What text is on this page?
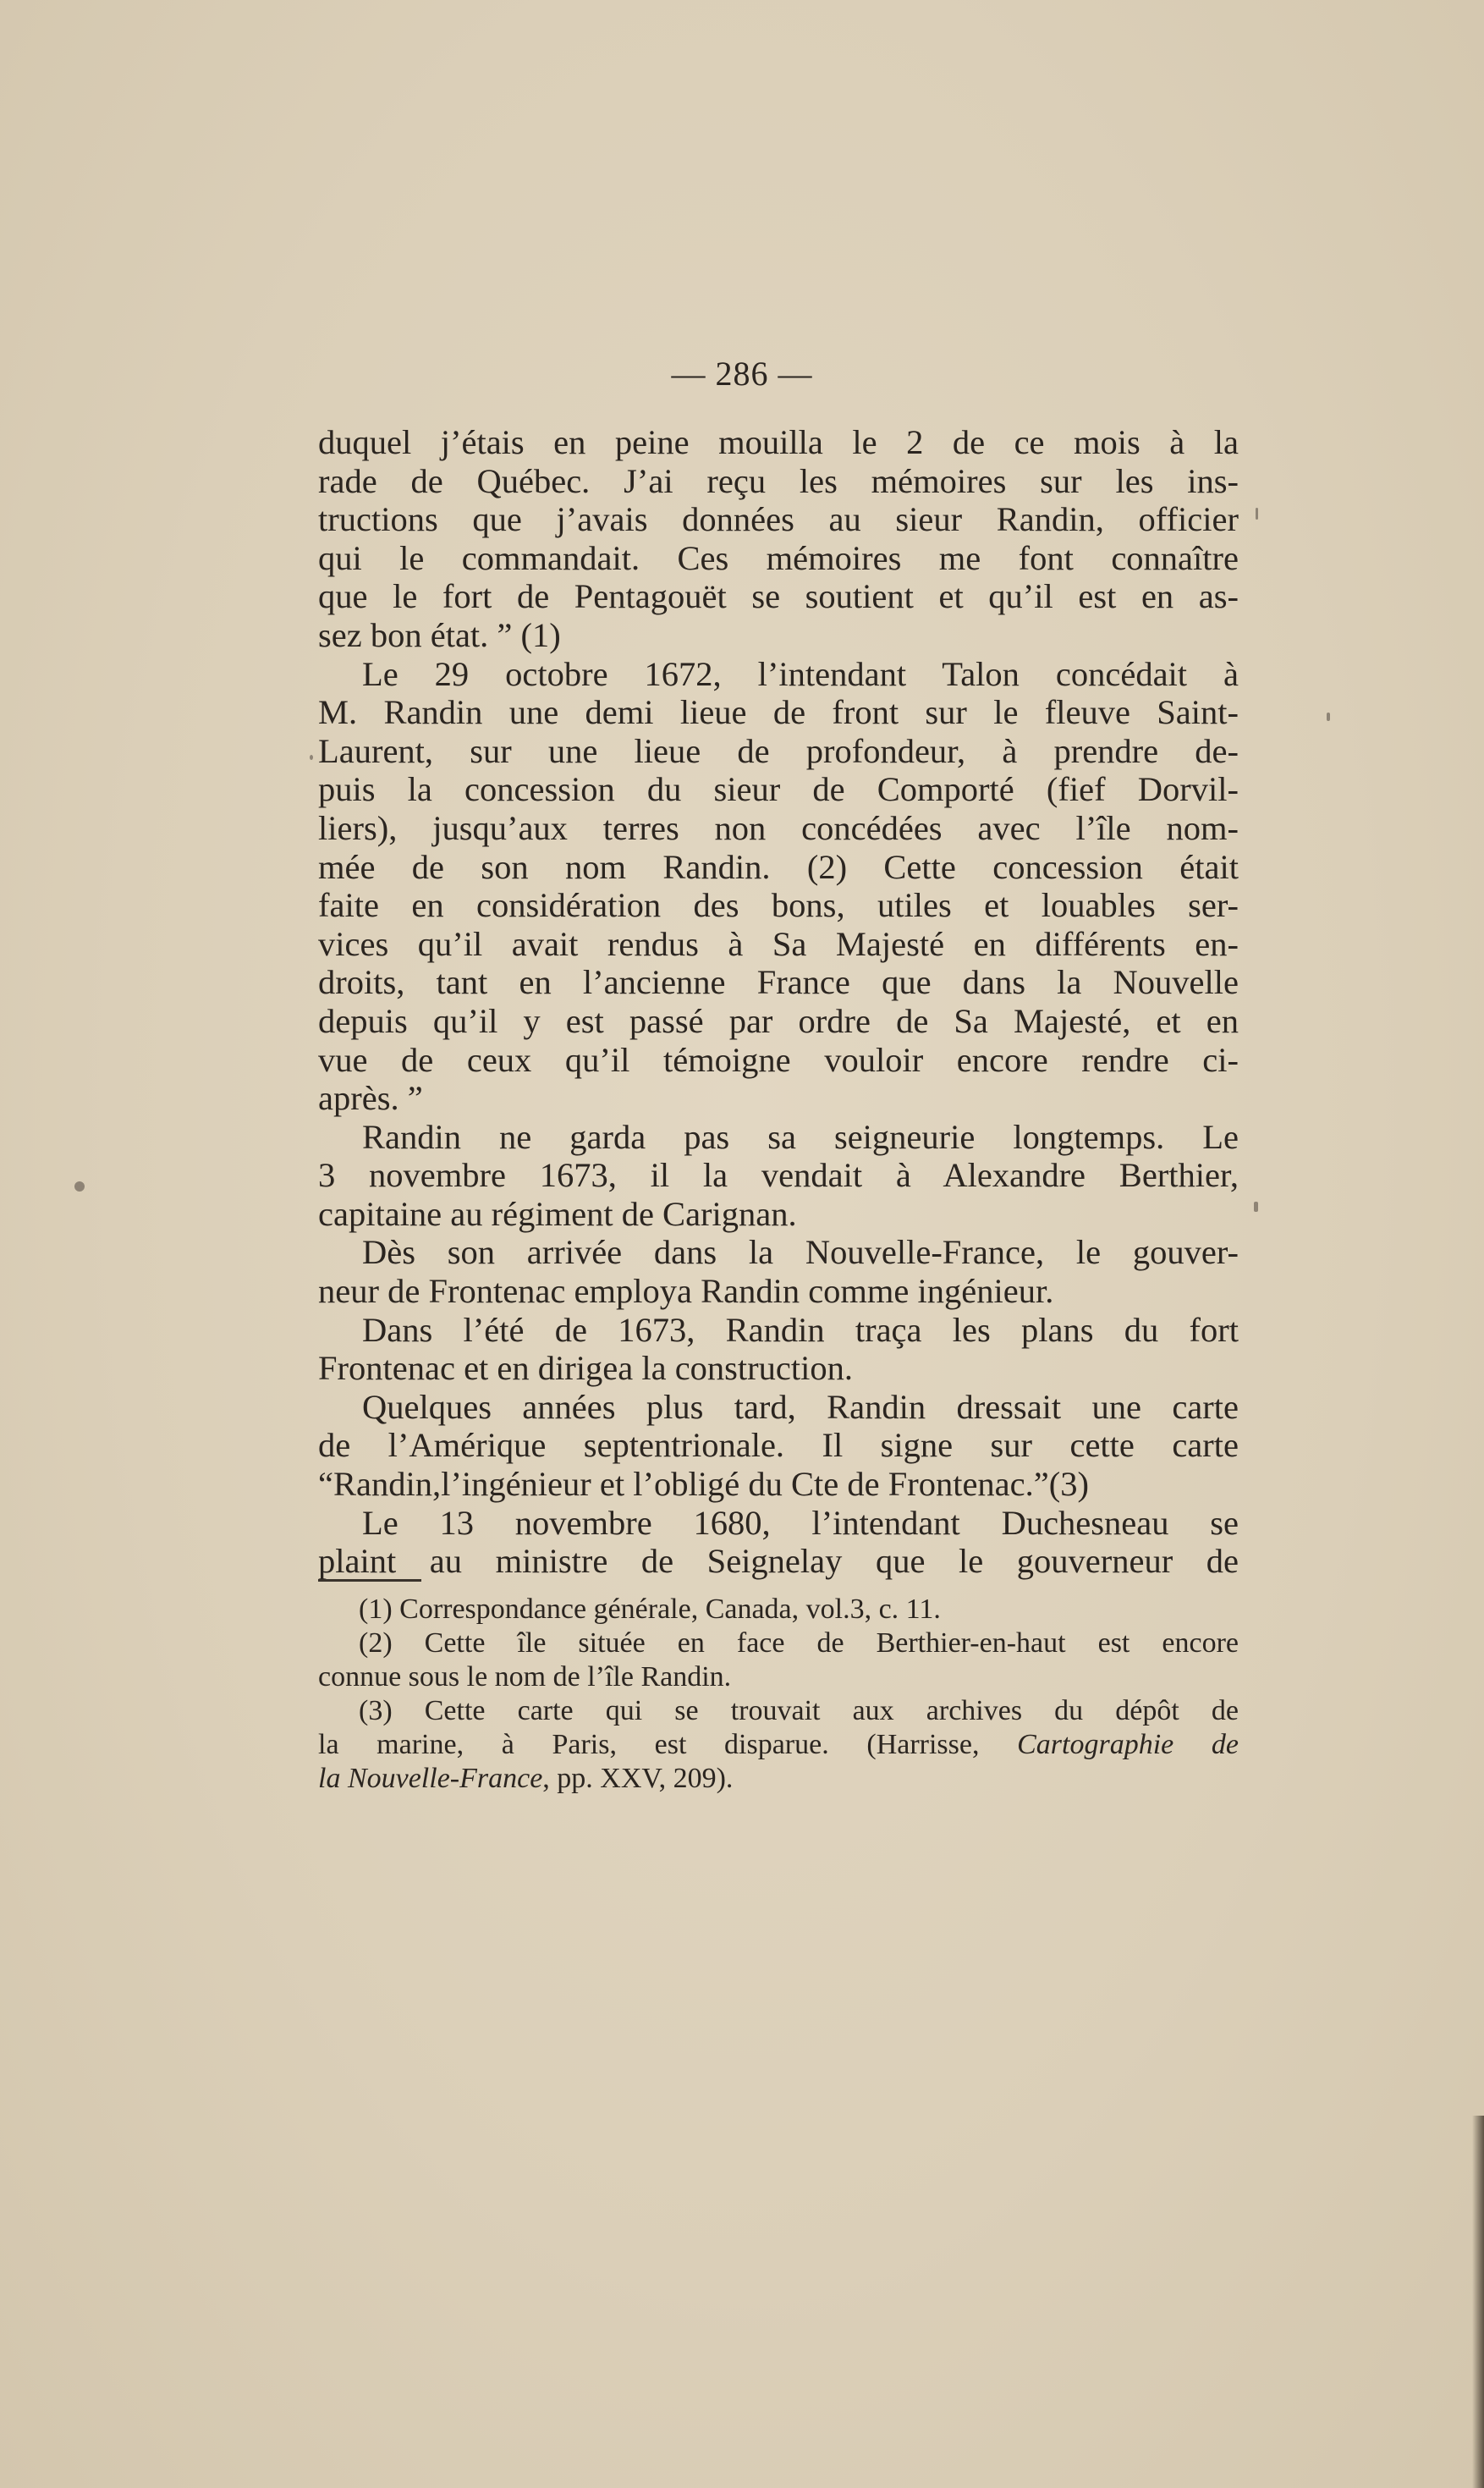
— 286 —
duquel j’étais en peine mouilla le 2 de ce mois à la
rade de Québec. J’ai reçu les mémoires sur les ins-
tructions que j’avais données au sieur Randin, officier
qui le commandait. Ces mémoires me font connaître
que le fort de Pentagouët se soutient et qu’il est en as-
sez bon état. ” (1)
Le 29 octobre 1672, l’intendant Talon concédait à
M. Randin une demi lieue de front sur le fleuve Saint-
Laurent, sur une lieue de profondeur, à prendre de-
puis la concession du sieur de Comporté (fief Dorvil-
liers), jusqu’aux terres non concédées avec l’île nom-
mée de son nom Randin. (2) Cette concession était
faite en considération des bons, utiles et louables ser-
vices qu’il avait rendus à Sa Majesté en différents en-
droits, tant en l’ancienne France que dans la Nouvelle
depuis qu’il y est passé par ordre de Sa Majesté, et en
vue de ceux qu’il témoigne vouloir encore rendre ci-
après. ”
Randin ne garda pas sa seigneurie longtemps. Le
3 novembre 1673, il la vendait à Alexandre Berthier,
capitaine au régiment de Carignan.
Dès son arrivée dans la Nouvelle-France, le gouver-
neur de Frontenac employa Randin comme ingénieur.
Dans l’été de 1673, Randin traça les plans du fort
Frontenac et en dirigea la construction.
Quelques années plus tard, Randin dressait une carte
de l’Amérique septentrionale. Il signe sur cette carte
“Randin,l’ingénieur et l’obligé du Cte de Frontenac.”(3)
Le 13 novembre 1680, l’intendant Duchesneau se
plaint au ministre de Seignelay que le gouverneur de
(1) Correspondance générale, Canada, vol.3, c. 11.
(2) Cette île située en face de Berthier-en-haut est encore
connue sous le nom de l’île Randin.
(3) Cette carte qui se trouvait aux archives du dépôt de
la marine, à Paris, est disparue. (Harrisse, Cartographie de
la Nouvelle-France, pp. XXV, 209).
